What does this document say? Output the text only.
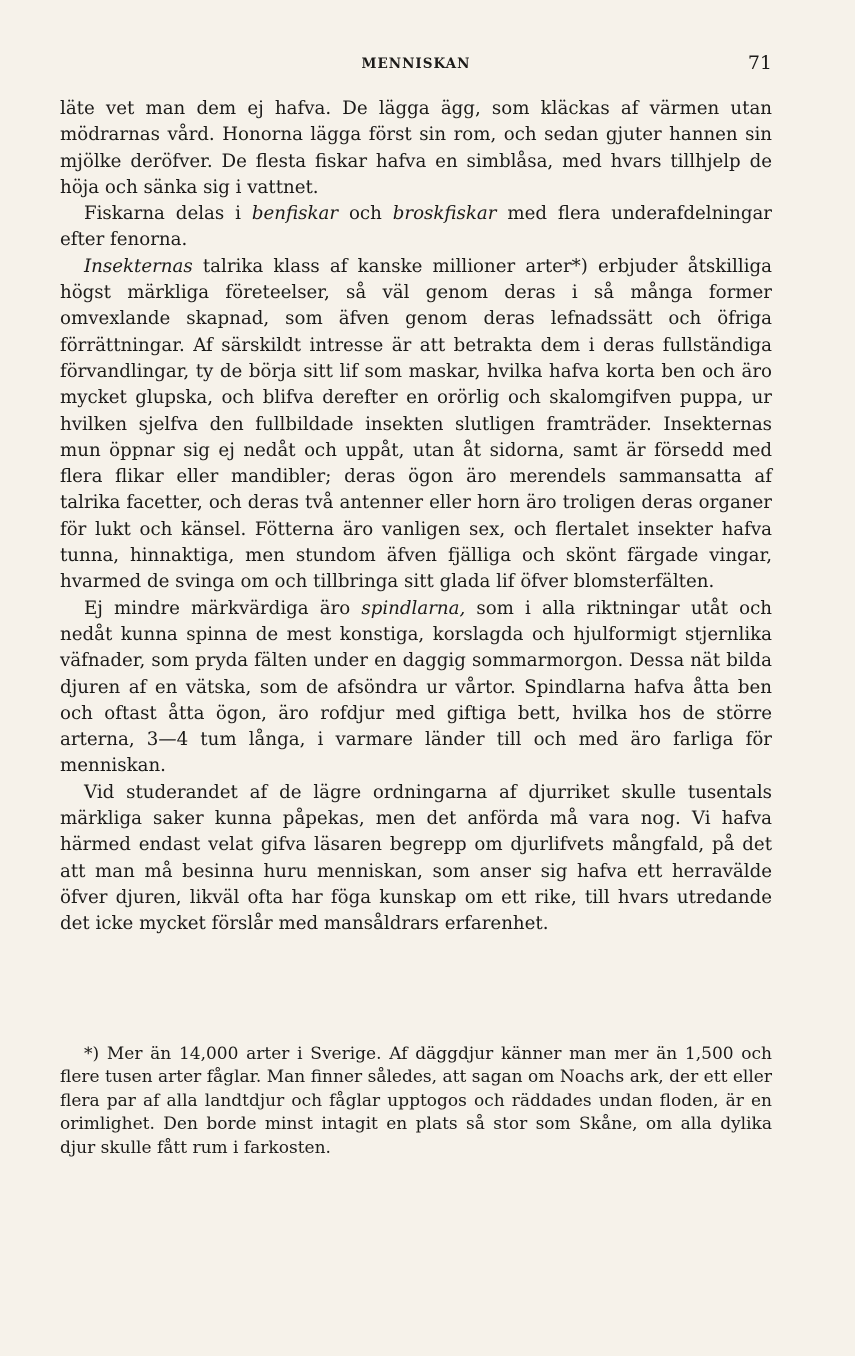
MENNISKAN	71

läte vet man dem ej hafva. De lägga ägg, som kläckas af värmen utan mödrarnas vård. Honorna lägga först sin rom, och sedan gjuter hannen sin mjölke deröfver. De flesta fiskar hafva en simblåsa, med hvars tillhjelp de höja och sänka sig i vattnet.

Fiskarna delas i benfiskar och broskfiskar med flera underafdelningar efter fenorna.

Insekternas talrika klass af kanske millioner arter*) erbjuder åtskilliga högst märkliga företeelser, så väl genom deras i så många former omvexlande skapnad, som äfven genom deras lefnadssätt och öfriga förrättningar. Af särskildt intresse är att betrakta dem i deras fullständiga förvandlingar, ty de börja sitt lif som maskar, hvilka hafva korta ben och äro mycket glupska, och blifva derefter en orörlig och skalomgifven puppa, ur hvilken sjelfva den fullbildade insekten slutligen framträder. Insekternas mun öppnar sig ej nedåt och uppåt, utan åt sidorna, samt är försedd med flera flikar eller mandibler; deras ögon äro merendels sammansatta af talrika facetter, och deras två antenner eller horn äro troligen deras organer för lukt och känsel. Fötterna äro vanligen sex, och flertalet insekter hafva tunna, hinnaktiga, men stundom äfven fjälliga och skönt färgade vingar, hvarmed de svinga om och tillbringa sitt glada lif öfver blomsterfälten.

Ej mindre märkvärdiga äro spindlarna, som i alla riktningar utåt och nedåt kunna spinna de mest konstiga, korslagda och hjulformigt stjernlika väfnader, som pryda fälten under en daggig sommarmorgon. Dessa nät bilda djuren af en vätska, som de afsöndra ur vårtor. Spindlarna hafva åtta ben och oftast åtta ögon, äro rofdjur med giftiga bett, hvilka hos de större arterna, 3—4 tum långa, i varmare länder till och med äro farliga för menniskan.

Vid studerandet af de lägre ordningarna af djurriket skulle tusentals märkliga saker kunna påpekas, men det anförda må vara nog. Vi hafva härmed endast velat gifva läsaren begrepp om djurlifvets mångfald, på det att man må besinna huru menniskan, som anser sig hafva ett herravälde öfver djuren, likväl ofta har föga kunskap om ett rike, till hvars utredande det icke mycket förslår med mansåldrars erfarenhet.

*) Mer än 14,000 arter i Sverige. Af däggdjur känner man mer än 1,500 och flere tusen arter fåglar. Man finner således, att sagan om Noachs ark, der ett eller flera par af alla landtdjur och fåglar upptogos och räddades undan floden, är en orimlighet. Den borde minst intagit en plats så stor som Skåne, om alla dylika djur skulle fått rum i farkosten.
